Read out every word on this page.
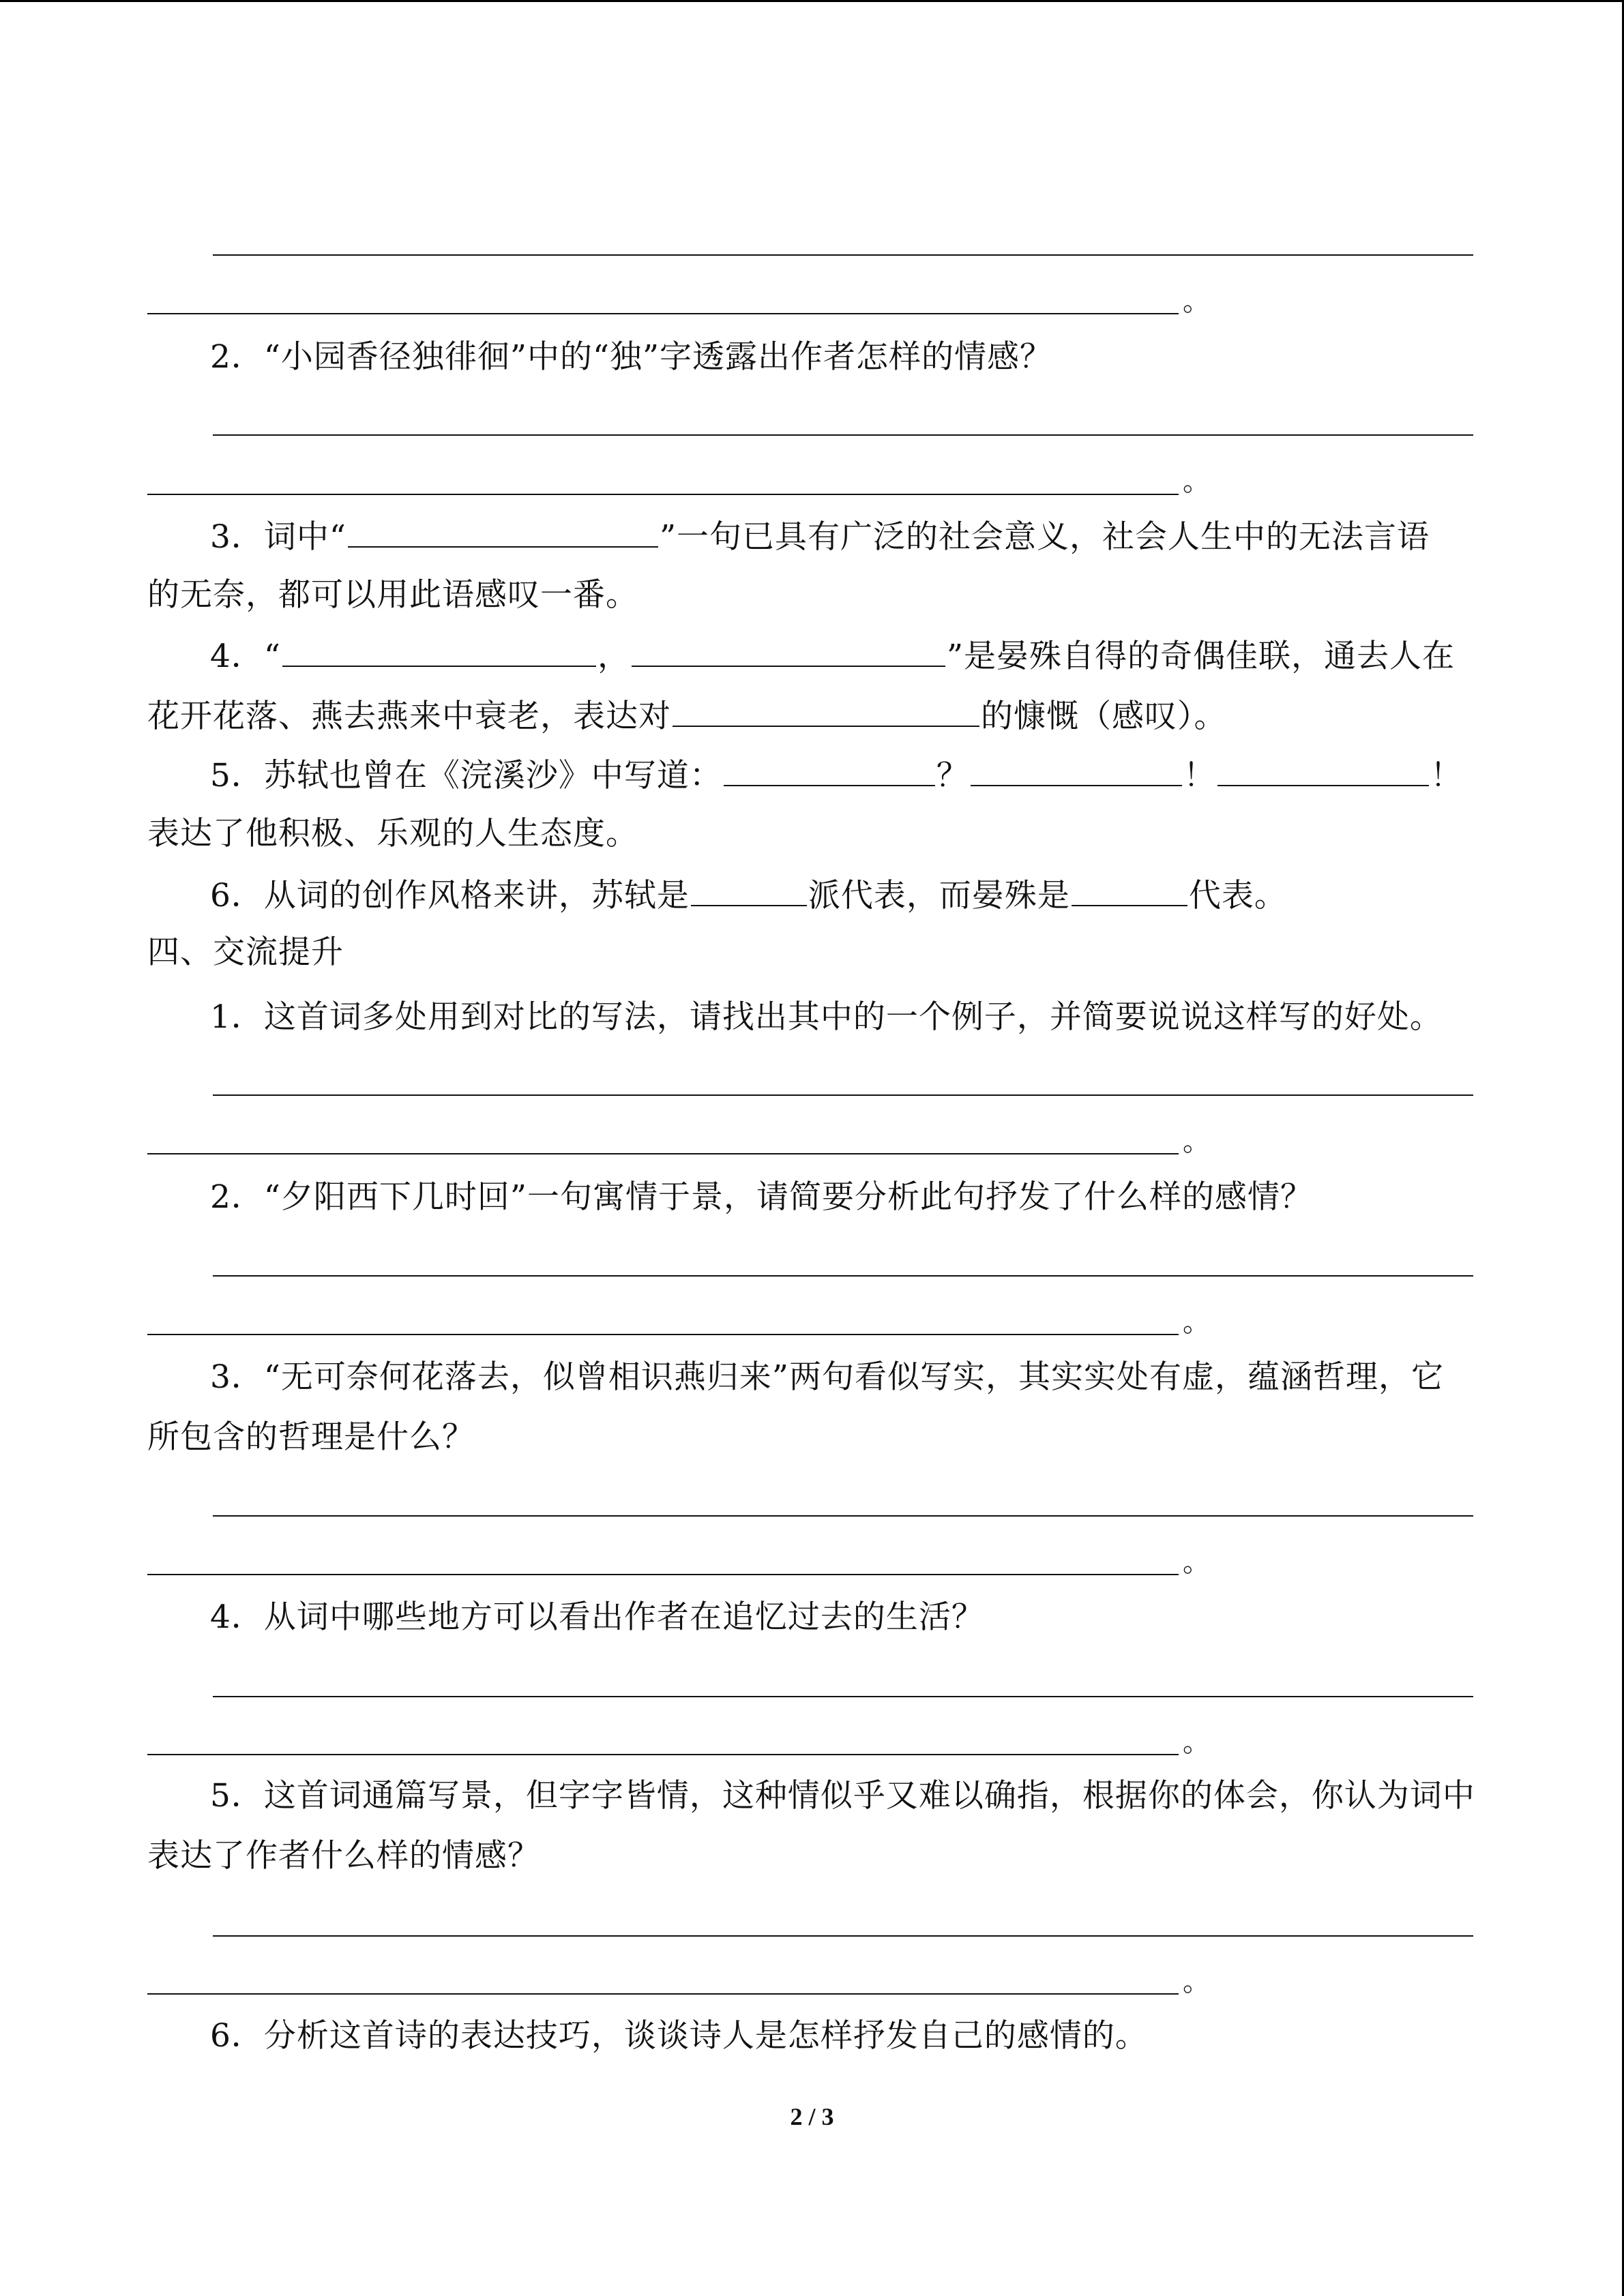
。
2．“小园香径独徘徊”中的“独”字透露出作者怎样的情感？
。
3．词中“	”一句已具有广泛的社会意义，社会人生中的无法言语
的无奈，都可以用此语感叹一番。
4．“	，	”是晏殊自得的奇偶佳联，通去人在
花开花落、燕去燕来中衰老，表达对	的慷慨（感叹）。
5．苏轼也曾在《浣溪沙》中写道：	？	！	！
表达了他积极、乐观的人生态度。
6．从词的创作风格来讲，苏轼是	派代表，而晏殊是	代表。
四、交流提升
1．这首词多处用到对比的写法，请找出其中的一个例子，并简要说说这样写的好处。
。
2．“夕阳西下几时回”一句寓情于景，请简要分析此句抒发了什么样的感情？
。
3．“无可奈何花落去，似曾相识燕归来”两句看似写实，其实实处有虚，蕴涵哲理，它
所包含的哲理是什么？
。
4．从词中哪些地方可以看出作者在追忆过去的生活？
。
5．这首词通篇写景，但字字皆情，这种情似乎又难以确指，根据你的体会，你认为词中
表达了作者什么样的情感？
。
6．分析这首诗的表达技巧，谈谈诗人是怎样抒发自己的感情的。
2 / 3
